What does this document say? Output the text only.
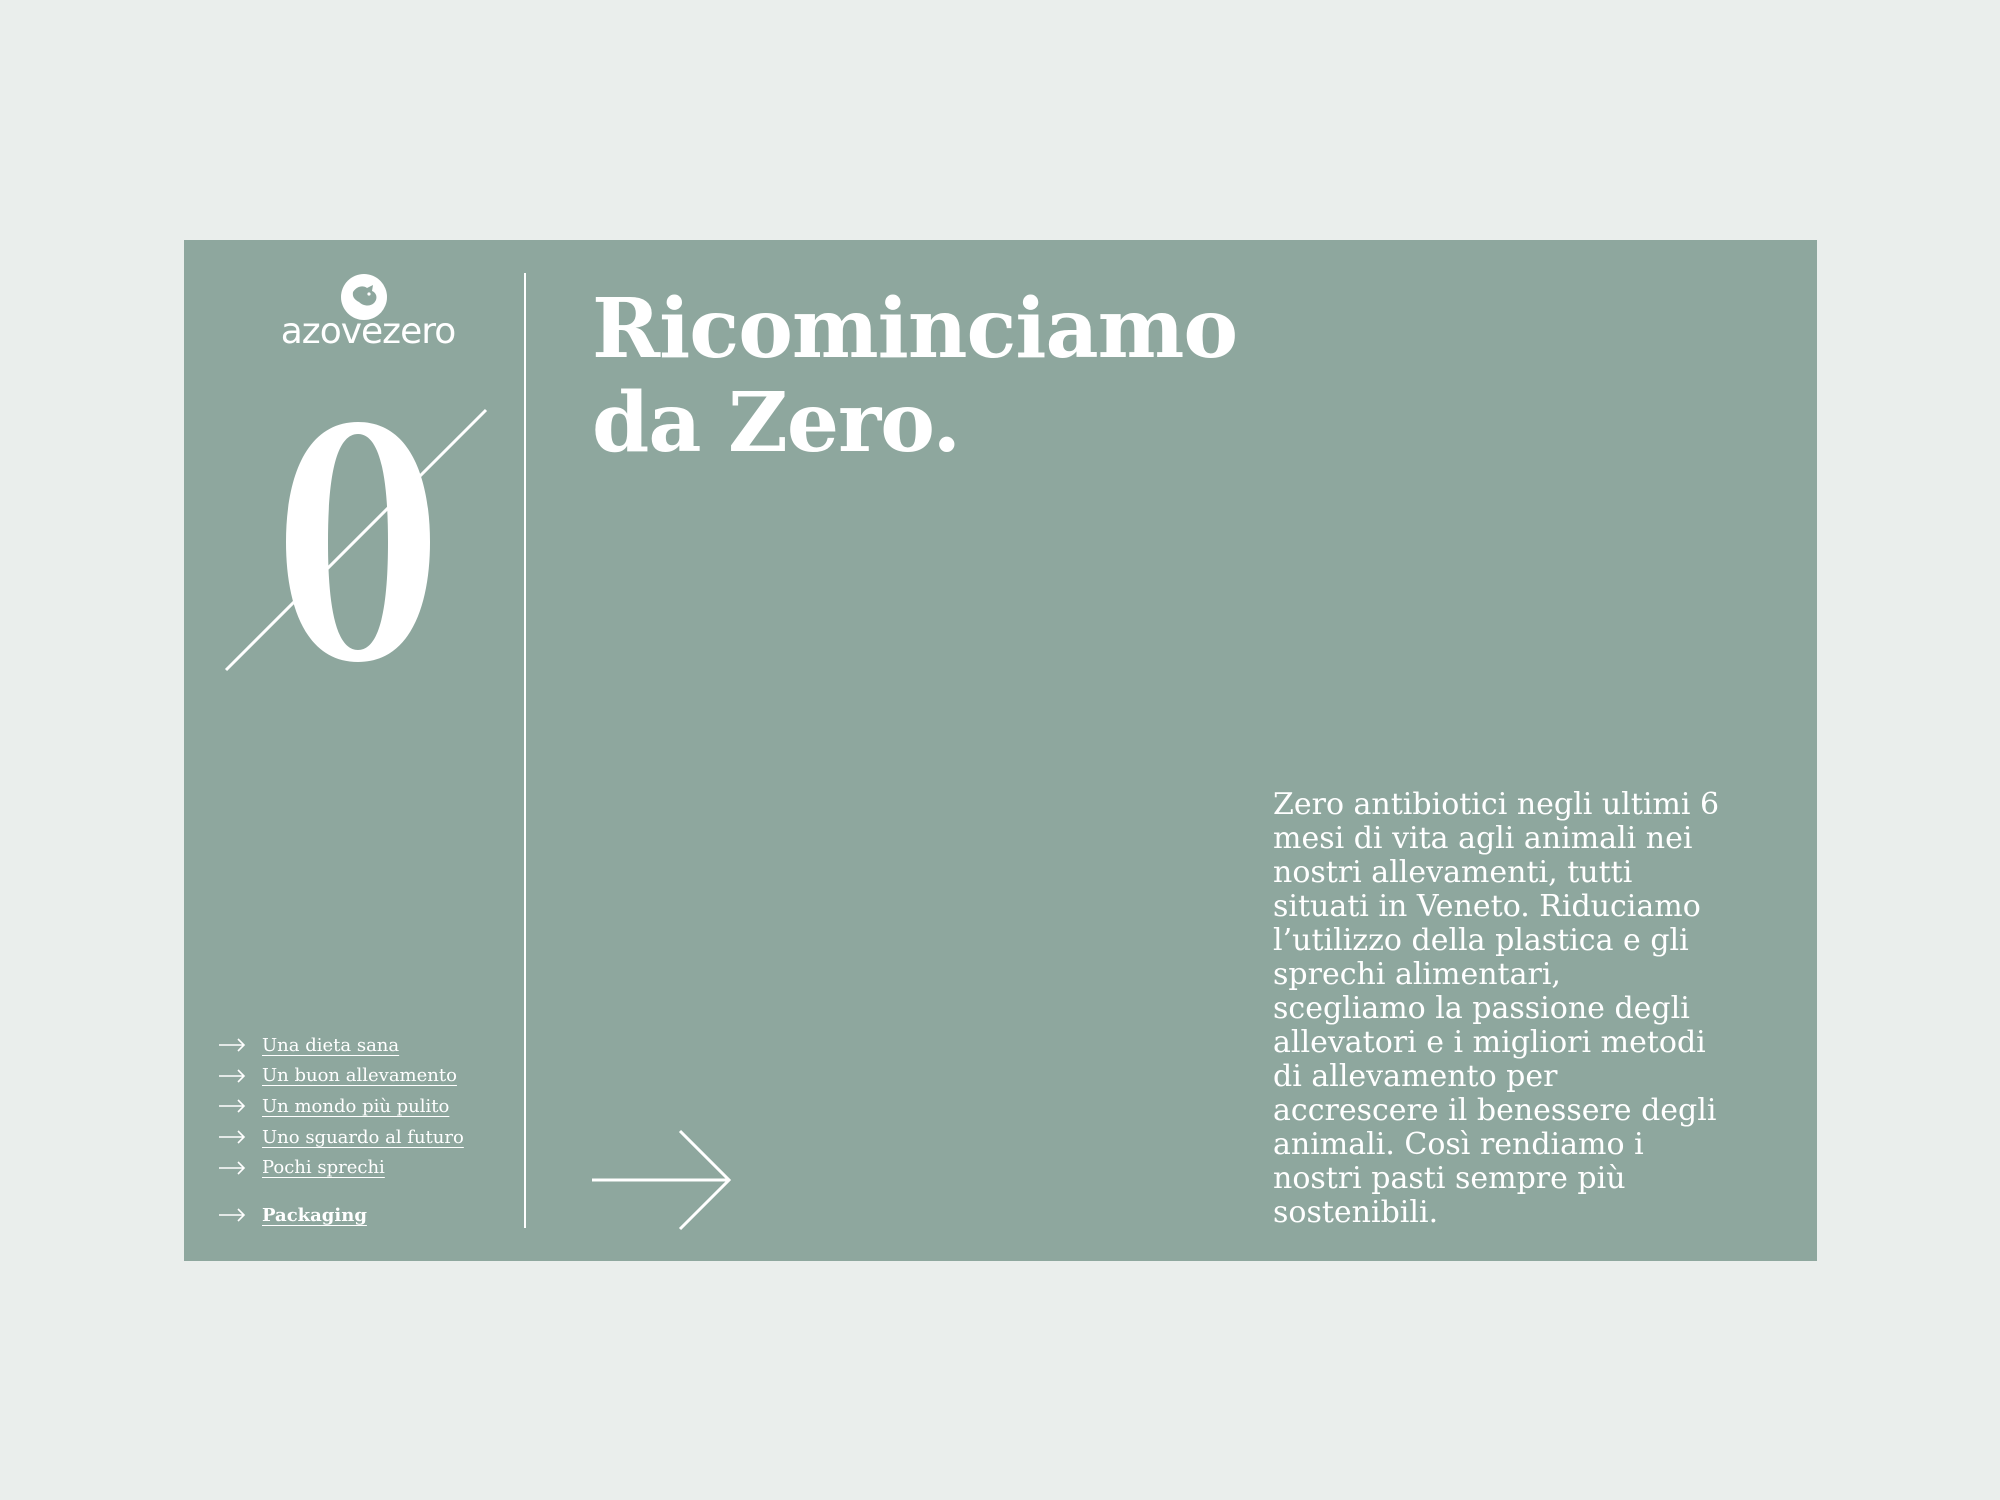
azovezero
Una dieta sana
Un buon allevamento
Un mondo più pulito
Uno sguardo al futuro
Pochi sprechi
Packaging
Ricominciamo
da Zero.

Zero antibiotici negli ultimi 6
mesi di vita agli animali nei
nostri allevamenti, tutti
situati in Veneto. Riduciamo
l’utilizzo della plastica e gli
sprechi alimentari,
scegliamo la passione degli
allevatori e i migliori metodi
di allevamento per
accrescere il benessere degli
animali. Così rendiamo i
nostri pasti sempre più
sostenibili.
